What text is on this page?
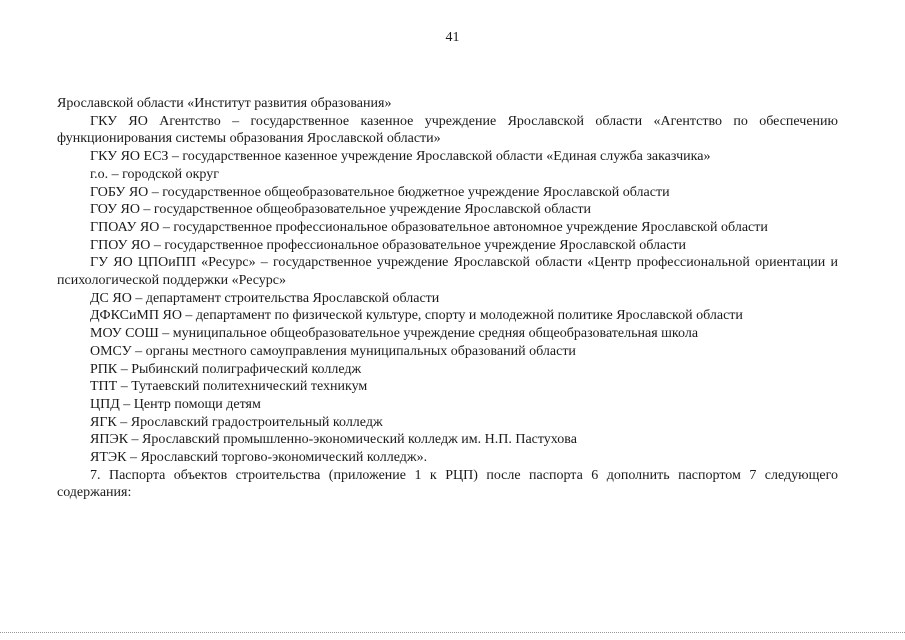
41

Ярославской области «Институт развития образования»

ГКУ ЯО Агентство – государственное казенное учреждение Ярославской области «Агентство по обеспечению функционирования системы образования Ярославской области»

ГКУ ЯО ЕСЗ – государственное казенное учреждение Ярославской области «Единая служба заказчика»

г.о. – городской округ

ГОБУ ЯО – государственное общеобразовательное бюджетное учреждение Ярославской области

ГОУ ЯО – государственное общеобразовательное учреждение Ярославской области

ГПОАУ ЯО – государственное профессиональное образовательное автономное учреждение Ярославской области

ГПОУ ЯО – государственное профессиональное образовательное учреждение Ярославской области

ГУ ЯО ЦПОиПП «Ресурс» – государственное учреждение Ярославской области «Центр профессиональной ориентации и психологической поддержки «Ресурс»

ДС ЯО – департамент строительства Ярославской области

ДФКСиМП ЯО – департамент по физической культуре, спорту и молодежной политике Ярославской области

МОУ СОШ – муниципальное общеобразовательное учреждение средняя общеобразовательная школа

ОМСУ – органы местного самоуправления муниципальных образований области

РПК – Рыбинский полиграфический колледж

ТПТ – Тутаевский политехнический техникум

ЦПД – Центр помощи детям

ЯГК – Ярославский градостроительный колледж

ЯПЭК – Ярославский промышленно-экономический колледж им. Н.П. Пастухова

ЯТЭК – Ярославский торгово-экономический колледж».

7. Паспорта объектов строительства (приложение 1 к РЦП) после паспорта 6 дополнить паспортом 7 следующего содержания:
